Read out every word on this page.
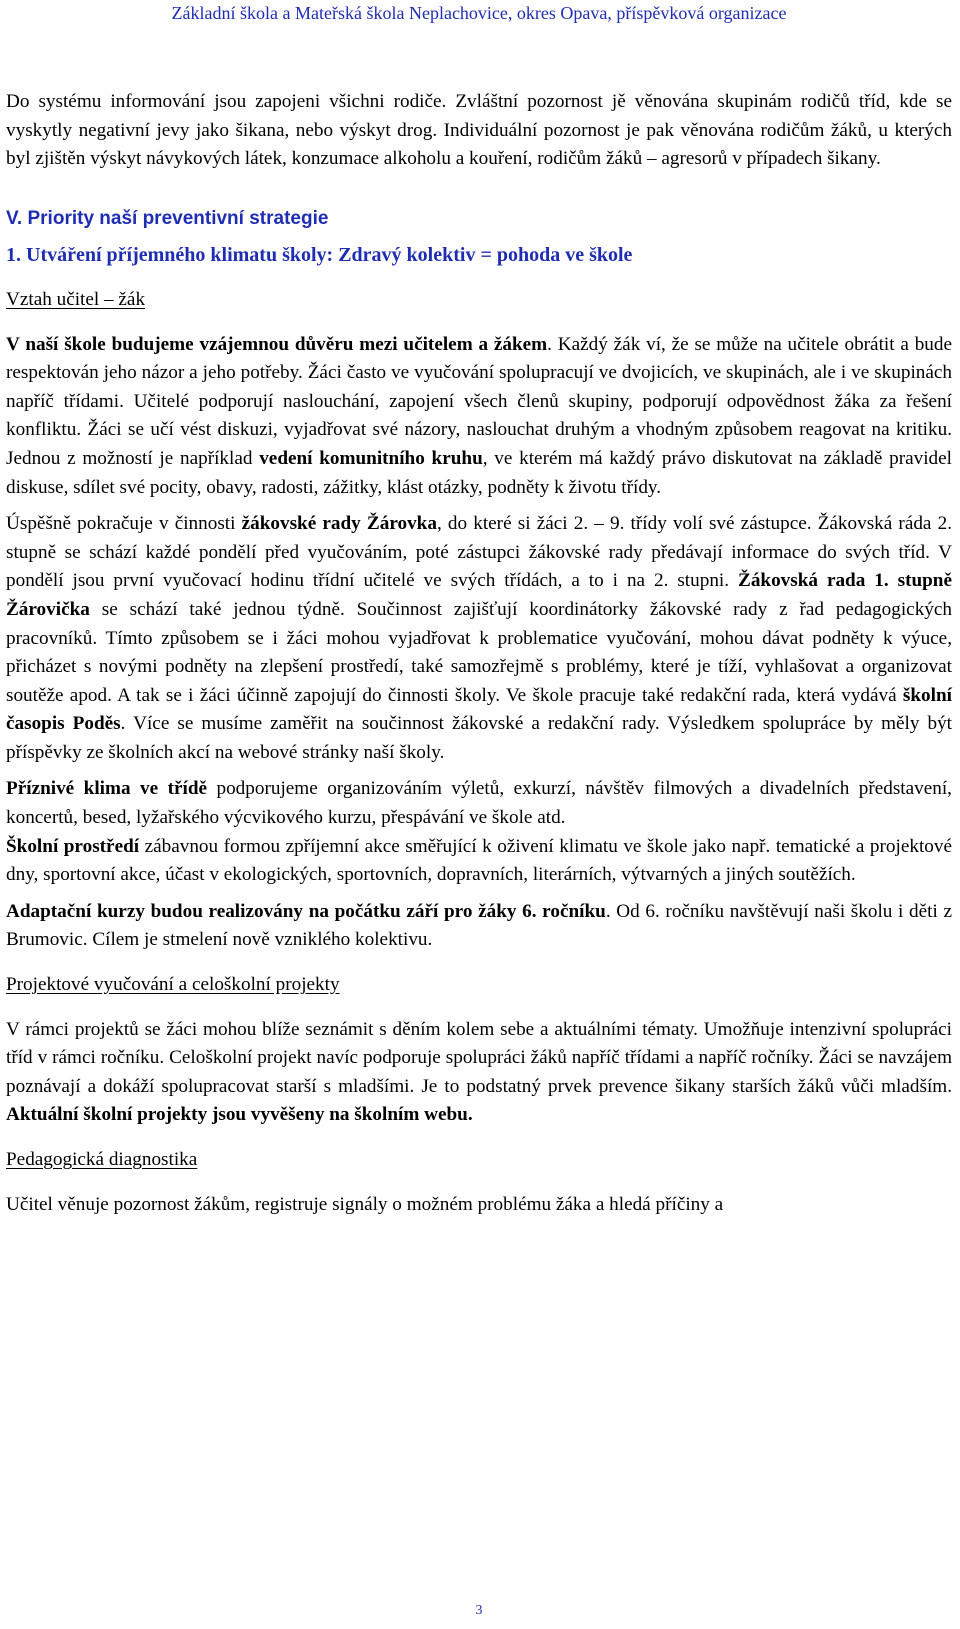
Základní škola a Mateřská škola Neplachovice, okres Opava, příspěvková organizace

Do systému informování jsou zapojeni všichni rodiče. Zvláštní pozornost jě věnována skupinám rodičů tříd, kde se vyskytly negativní jevy jako šikana, nebo výskyt drog. Individuální pozornost je pak věnována rodičům žáků, u kterých byl zjištěn výskyt návykových látek, konzumace alkoholu a kouření, rodičům žáků – agresorů v případech šikany.

V. Priority naší preventivní strategie

1. Utváření příjemného klimatu školy: Zdravý kolektiv = pohoda ve škole

Vztah učitel – žák

V naší škole budujeme vzájemnou důvěru mezi učitelem a žákem. Každý žák ví, že se může na učitele obrátit a bude respektován jeho názor a jeho potřeby. Žáci často ve vyučování spolupracují ve dvojicích, ve skupinách, ale i ve skupinách napříč třídami. Učitelé podporují naslouchání, zapojení všech členů skupiny, podporují odpovědnost žáka za řešení konfliktu. Žáci se učí vést diskuzi, vyjadřovat své názory, naslouchat druhým a vhodným způsobem reagovat na kritiku. Jednou z možností je například vedení komunitního kruhu, ve kterém má každý právo diskutovat na základě pravidel diskuse, sdílet své pocity, obavy, radosti, zážitky, klást otázky, podněty k životu třídy.

Úspěšně pokračuje v činnosti žákovské rady Žárovka, do které si žáci 2. – 9. třídy volí své zástupce. Žákovská ráda 2. stupně se schází každé pondělí před vyučováním, poté zástupci žákovské rady předávají informace do svých tříd. V pondělí jsou první vyučovací hodinu třídní učitelé ve svých třídách, a to i na 2. stupni. Žákovská rada 1. stupně Žárovička se schází také jednou týdně. Součinnost zajišťují koordinátorky žákovské rady z řad pedagogických pracovníků. Tímto způsobem se i žáci mohou vyjadřovat k problematice vyučování, mohou dávat podněty k výuce, přicházet s novými podněty na zlepšení prostředí, také samozřejmě s problémy, které je tíží, vyhlašovat a organizovat soutěže apod. A tak se i žáci účinně zapojují do činnosti školy. Ve škole pracuje také redakční rada, která vydává školní časopis Poděs. Více se musíme zaměřit na součinnost žákovské a redakční rady. Výsledkem spolupráce by měly být příspěvky ze školních akcí na webové stránky naší školy.

Příznivé klima ve třídě podporujeme organizováním výletů, exkurzí, návštěv filmových a divadelních představení, koncertů, besed, lyžařského výcvikového kurzu, přespávání ve škole atd.

Školní prostředí zábavnou formou zpříjemní akce směřující k oživení klimatu ve škole jako např. tematické a projektové dny, sportovní akce, účast v ekologických, sportovních, dopravních, literárních, výtvarných a jiných soutěžích.

Adaptační kurzy budou realizovány na počátku září pro žáky 6. ročníku. Od 6. ročníku navštěvují naši školu i děti z Brumovic. Cílem je stmelení nově vzniklého kolektivu.

Projektové vyučování a celoškolní projekty

V rámci projektů se žáci mohou blíže seznámit s děním kolem sebe a aktuálními tématy. Umožňuje intenzivní spolupráci tříd v rámci ročníku. Celoškolní projekt navíc podporuje spolupráci žáků napříč třídami a napříč ročníky. Žáci se navzájem poznávají a dokáží spolupracovat starší s mladšími. Je to podstatný prvek prevence šikany starších žáků vůči mladším. Aktuální školní projekty jsou vyvěšeny na školním webu.

Pedagogická diagnostika

Učitel věnuje pozornost žákům, registruje signály o možném problému žáka a hledá příčiny a

3
